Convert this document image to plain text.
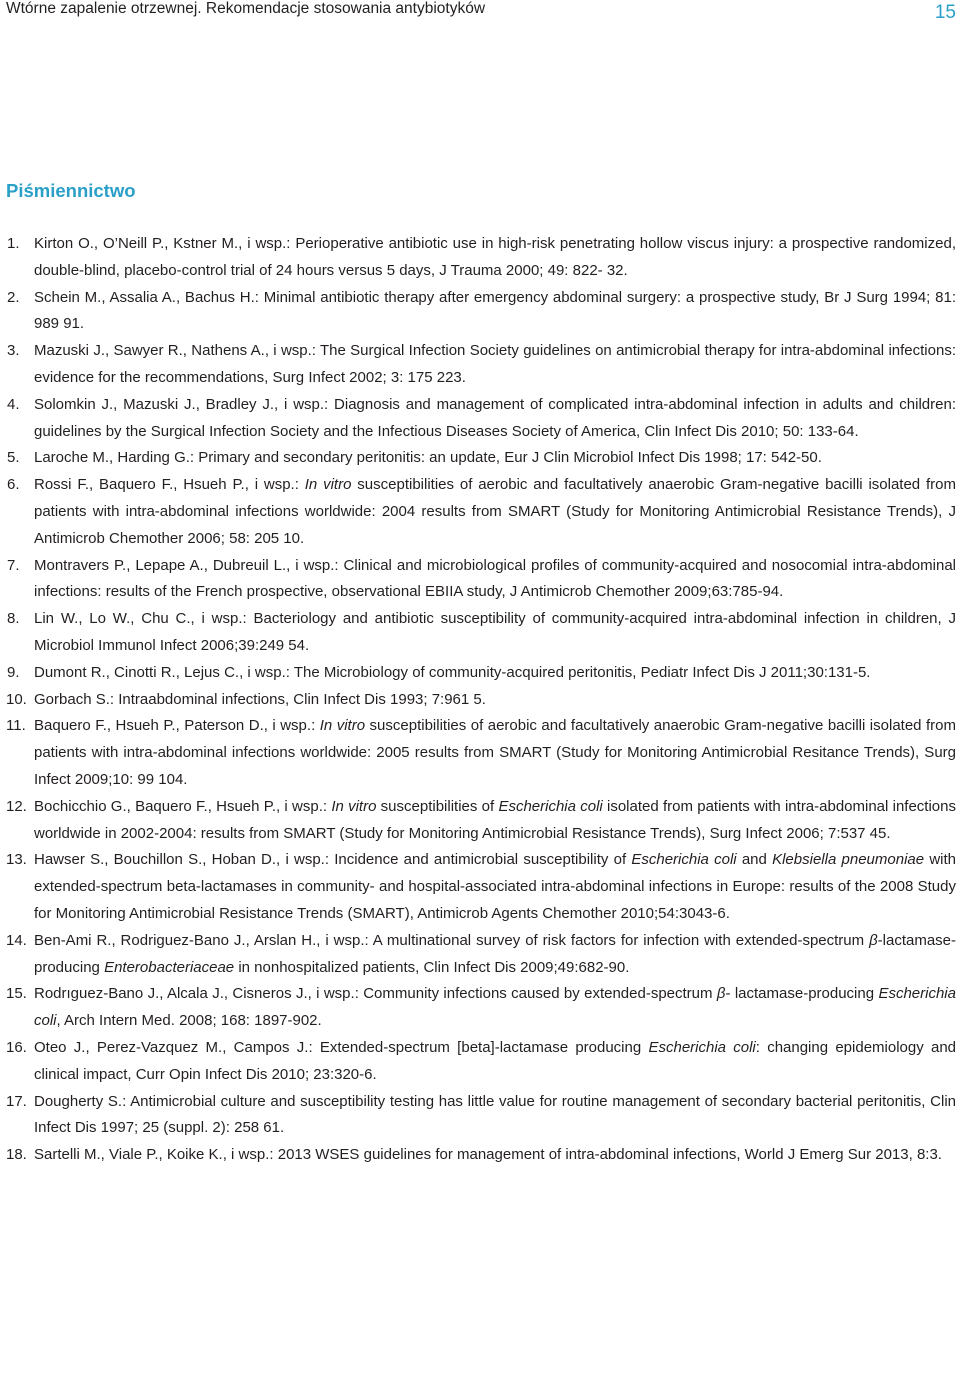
Wtórne zapalenie otrzewnej. Rekomendacje stosowania antybiotyków	15
Piśmiennictwo
1. Kirton O., O’Neill P., Kstner M., i wsp.: Perioperative antibiotic use in high-risk penetrating hollow viscus injury: a prospective randomized, double-blind, placebo-control trial of 24 hours versus 5 days, J Trauma 2000; 49: 822- 32.
2. Schein M., Assalia A., Bachus H.: Minimal antibiotic therapy after emergency abdominal surgery: a prospective study, Br J Surg 1994; 81: 989 91.
3. Mazuski J., Sawyer R., Nathens A., i wsp.: The Surgical Infection Society guidelines on antimicrobial therapy for intra-abdominal infections: evidence for the recommendations, Surg Infect 2002; 3: 175 223.
4. Solomkin J., Mazuski J., Bradley J., i wsp.: Diagnosis and management of complicated intra-abdominal infection in adults and children: guidelines by the Surgical Infection Society and the Infectious Diseases Society of America, Clin Infect Dis 2010; 50: 133-64.
5. Laroche M., Harding G.: Primary and secondary peritonitis: an update, Eur J Clin Microbiol Infect Dis 1998; 17: 542-50.
6. Rossi F., Baquero F., Hsueh P., i wsp.: In vitro susceptibilities of aerobic and facultatively anaerobic Gram-negative bacilli isolated from patients with intra-abdominal infections worldwide: 2004 results from SMART (Study for Monitoring Antimicrobial Resistance Trends), J Antimicrob Chemother 2006; 58: 205 10.
7. Montravers P., Lepape A., Dubreuil L., i wsp.: Clinical and microbiological profiles of community-acquired and nosocomial intra-abdominal infections: results of the French prospective, observational EBIIA study, J Antimicrob Chemother 2009;63:785-94.
8. Lin W., Lo W., Chu C., i wsp.: Bacteriology and antibiotic susceptibility of community-acquired intra-abdominal infection in children, J Microbiol Immunol Infect 2006;39:249 54.
9. Dumont R., Cinotti R., Lejus C., i wsp.: The Microbiology of community-acquired peritonitis, Pediatr Infect Dis J 2011;30:131-5.
10. Gorbach S.: Intraabdominal infections, Clin Infect Dis 1993; 7:961 5.
11. Baquero F., Hsueh P., Paterson D., i wsp.: In vitro susceptibilities of aerobic and facultatively anaerobic Gram-negative bacilli isolated from patients with intra-abdominal infections worldwide: 2005 results from SMART (Study for Monitoring Antimicrobial Resitance Trends), Surg Infect 2009;10: 99 104.
12. Bochicchio G., Baquero F., Hsueh P., i wsp.: In vitro susceptibilities of Escherichia coli isolated from patients with intra-abdominal infections worldwide in 2002-2004: results from SMART (Study for Monitoring Antimicrobial Resistance Trends), Surg Infect 2006; 7:537 45.
13. Hawser S., Bouchillon S., Hoban D., i wsp.: Incidence and antimicrobial susceptibility of Escherichia coli and Klebsiella pneumoniae with extended-spectrum beta-lactamases in community- and hospital-associated intra-abdominal infections in Europe: results of the 2008 Study for Monitoring Antimicrobial Resistance Trends (SMART), Antimicrob Agents Chemother 2010;54:3043-6.
14. Ben-Ami R., Rodriguez-Bano J., Arslan H., i wsp.: A multinational survey of risk factors for infection with extended-spectrum β-lactamase-producing Enterobacteriaceae in nonhospitalized patients, Clin Infect Dis 2009;49:682-90.
15. Rodrıguez-Bano J., Alcala J., Cisneros J., i wsp.: Community infections caused by extended-spectrum β- lactamase-producing Escherichia coli, Arch Intern Med. 2008; 168: 1897-902.
16. Oteo J., Perez-Vazquez M., Campos J.: Extended-spectrum [beta]-lactamase producing Escherichia coli: changing epidemiology and clinical impact, Curr Opin Infect Dis 2010; 23:320-6.
17. Dougherty S.: Antimicrobial culture and susceptibility testing has little value for routine management of secondary bacterial peritonitis, Clin Infect Dis 1997; 25 (suppl. 2): 258 61.
18. Sartelli M., Viale P., Koike K., i wsp.: 2013 WSES guidelines for management of intra-abdominal infections, World J Emerg Sur 2013, 8:3.
